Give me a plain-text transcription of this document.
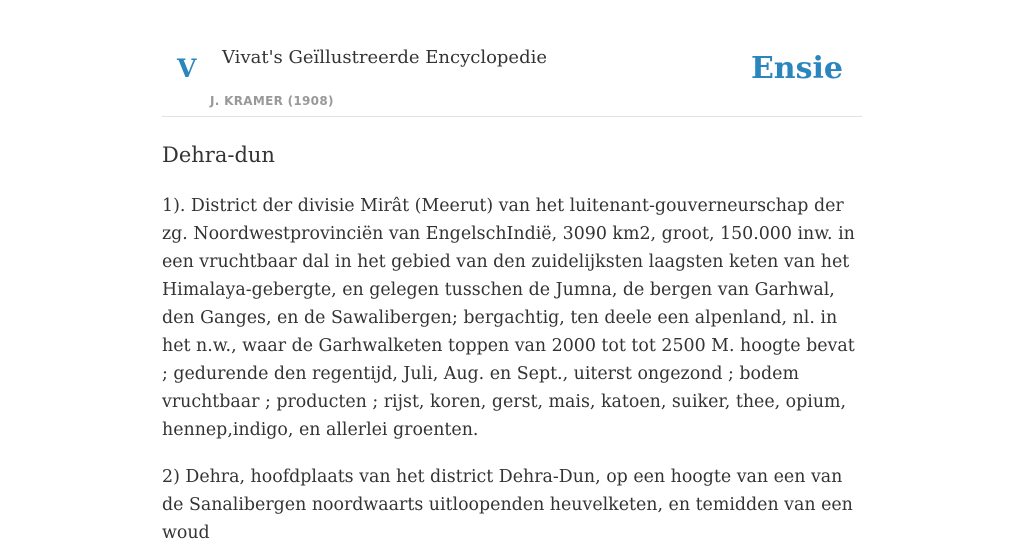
V Vivat's Geïllustreerde Encyclopedie
J. KRAMER (1908)
Ensie
Dehra-dun

1). District der divisie Mirât (Meerut) van het luitenant-gouverneurschap der zg. Noordwestprovinciën van EngelschIndië, 3090 km2, groot, 150.000 inw. in een vruchtbaar dal in het gebied van den zuidelijksten laagsten keten van het Himalaya-gebergte, en gelegen tusschen de Jumna, de bergen van Garhwal, den Ganges, en de Sawalibergen; bergachtig, ten deele een alpenland, nl. in het n.w., waar de Garhwalketen toppen van 2000 tot tot 2500 M. hoogte bevat ; gedurende den regentijd, Juli, Aug. en Sept., uiterst ongezond ; bodem vruchtbaar ; producten ; rijst, koren, gerst, mais, katoen, suiker, thee, opium, hennep,indigo, en allerlei groenten.

2) Dehra, hoofdplaats van het district Dehra-Dun, op een hoogte van een van de Sanalibergen noordwaarts uitloopenden heuvelketen, en temidden van een woud
